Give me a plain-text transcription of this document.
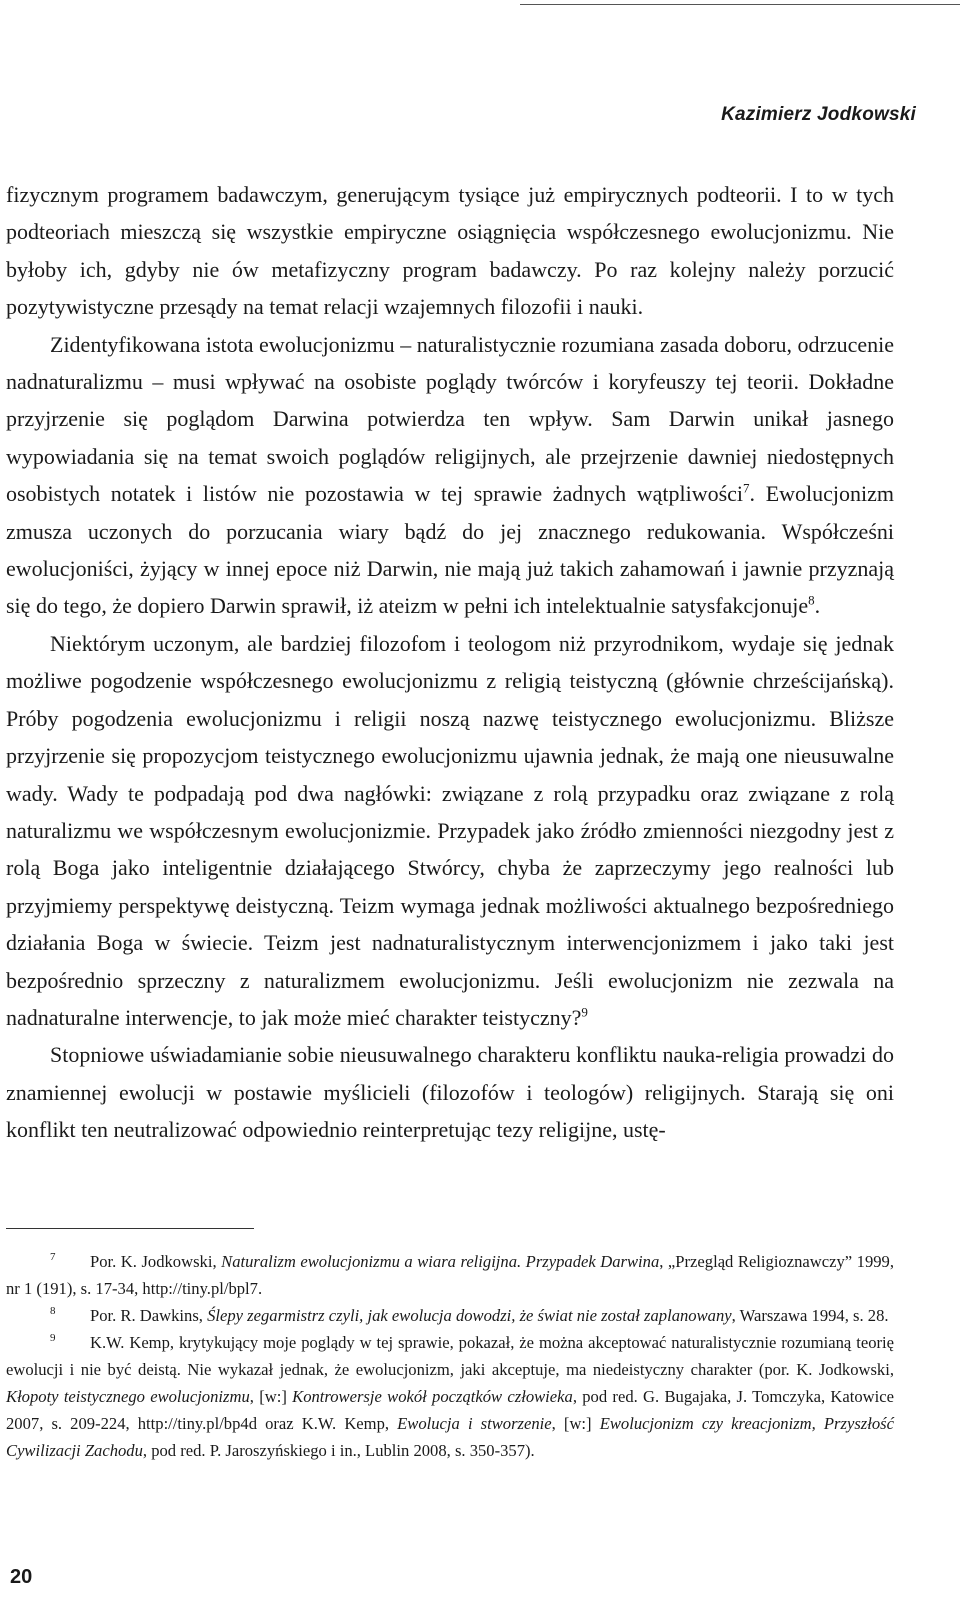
Kazimierz Jodkowski

fizycznym programem badawczym, generującym tysiące już empirycznych podteorii. I to w tych podteoriach mieszczą się wszystkie empiryczne osiągnięcia współczesnego ewolucjonizmu. Nie byłoby ich, gdyby nie ów metafizyczny program badawczy. Po raz kolejny należy porzucić pozytywistyczne przesądy na temat relacji wzajemnych filozofii i nauki.

Zidentyfikowana istota ewolucjonizmu – naturalistycznie rozumiana zasada doboru, odrzucenie nadnaturalizmu – musi wpływać na osobiste poglądy twórców i koryfeuszy tej teorii. Dokładne przyjrzenie się poglądom Darwina potwierdza ten wpływ. Sam Darwin unikał jasnego wypowiadania się na temat swoich poglądów religijnych, ale przejrzenie dawniej niedostępnych osobistych notatek i listów nie pozostawia w tej sprawie żadnych wątpliwości$^7$. Ewolucjonizm zmusza uczonych do porzucania wiary bądź do jej znacznego redukowania. Współcześni ewolucjoniści, żyjący w innej epoce niż Darwin, nie mają już takich zahamowań i jawnie przyznają się do tego, że dopiero Darwin sprawił, iż ateizm w pełni ich intelektualnie satysfakcjonuje$^8$.

Niektórym uczonym, ale bardziej filozofom i teologom niż przyrodnikom, wydaje się jednak możliwe pogodzenie współczesnego ewolucjonizmu z religią teistyczną (głównie chrześcijańską). Próby pogodzenia ewolucjonizmu i religii noszą nazwę teistycznego ewolucjonizmu. Bliższe przyjrzenie się propozycjom teistycznego ewolucjonizmu ujawnia jednak, że mają one nieusuwalne wady. Wady te podpadają pod dwa nagłówki: związane z rolą przypadku oraz związane z rolą naturalizmu we współczesnym ewolucjonizmie. Przypadek jako źródło zmienności niezgodny jest z rolą Boga jako inteligentnie działającego Stwórcy, chyba że zaprzeczymy jego realności lub przyjmiemy perspektywę deistyczną. Teizm wymaga jednak możliwości aktualnego bezpośredniego działania Boga w świecie. Teizm jest nadnaturalistycznym interwencjonizmem i jako taki jest bezpośrednio sprzeczny z naturalizmem ewolucjonizmu. Jeśli ewolucjonizm nie zezwala na nadnaturalne interwencje, to jak może mieć charakter teistyczny?$^9$

Stopniowe uświadamianie sobie nieusuwalnego charakteru konfliktu nauka-religia prowadzi do znamiennej ewolucji w postawie myślicieli (filozofów i teologów) religijnych. Starają się oni konflikt ten neutralizować odpowiednio reinterpretując tezy religijne, ustę-

7 Por. K. Jodkowski, Naturalizm ewolucjonizmu a wiara religijna. Przypadek Darwina, „Przegląd Religioznawczy” 1999, nr 1 (191), s. 17-34, http://tiny.pl/bpl7.

8 Por. R. Dawkins, Ślepy zegarmistrz czyli, jak ewolucja dowodzi, że świat nie został zaplanowany, Warszawa 1994, s. 28.

9 K.W. Kemp, krytykujący moje poglądy w tej sprawie, pokazał, że można akceptować naturalistycznie rozumianą teorię ewolucji i nie być deistą. Nie wykazał jednak, że ewolucjonizm, jaki akceptuje, ma niedeistyczny charakter (por. K. Jodkowski, Kłopoty teistycznego ewolucjonizmu, [w:] Kontrowersje wokół początków człowieka, pod red. G. Bugajaka, J. Tomczyka, Katowice 2007, s. 209-224, http://tiny.pl/bp4d oraz K.W. Kemp, Ewolucja i stworzenie, [w:] Ewolucjonizm czy kreacjonizm, Przyszłość Cywilizacji Zachodu, pod red. P. Jaroszyńskiego i in., Lublin 2008, s. 350-357).

20
